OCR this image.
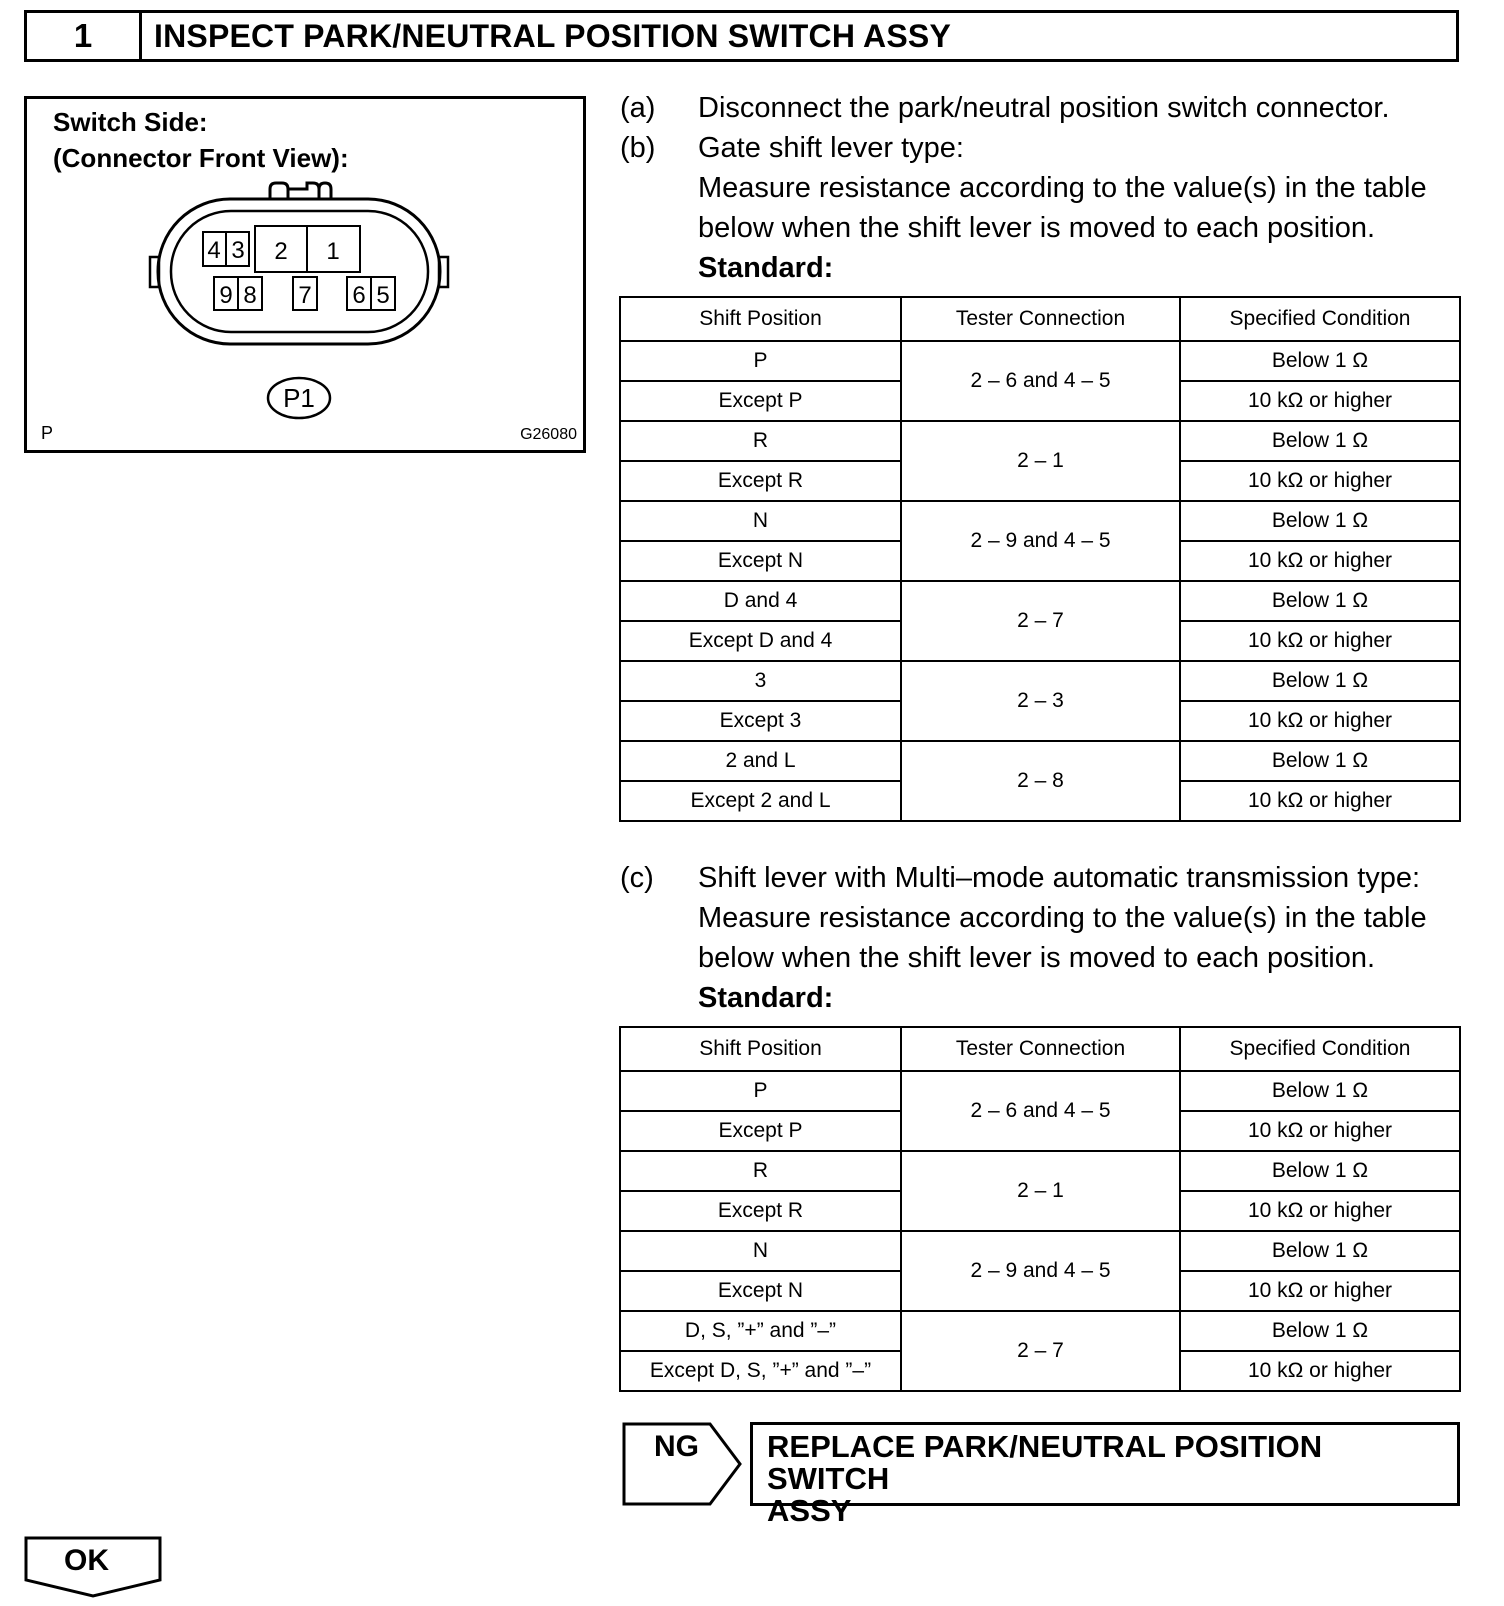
1	INSPECT PARK/NEUTRAL POSITION SWITCH ASSY
Switch Side:
(Connector Front View):
4 3 2 1
9 8 7 6 5
P1
P	G26080
(a)	Disconnect the park/neutral position switch connector.
(b)	Gate shift lever type:
Measure resistance according to the value(s) in the table
below when the shift lever is moved to each position.
Standard:
Shift Position	Tester Connection	Specified Condition
P	2 – 6 and 4 – 5	Below 1 Ω
Except P		10 kΩ or higher
R	2 – 1	Below 1 Ω
Except R		10 kΩ or higher
N	2 – 9 and 4 – 5	Below 1 Ω
Except N		10 kΩ or higher
D and 4	2 – 7	Below 1 Ω
Except D and 4		10 kΩ or higher
3	2 – 3	Below 1 Ω
Except 3		10 kΩ or higher
2 and L	2 – 8	Below 1 Ω
Except 2 and L		10 kΩ or higher
(c)	Shift lever with Multi–mode automatic transmission type:
Measure resistance according to the value(s) in the table
below when the shift lever is moved to each position.
Standard:
Shift Position	Tester Connection	Specified Condition
P	2 – 6 and 4 – 5	Below 1 Ω
Except P		10 kΩ or higher
R	2 – 1	Below 1 Ω
Except R		10 kΩ or higher
N	2 – 9 and 4 – 5	Below 1 Ω
Except N		10 kΩ or higher
D, S, ”+” and ”–”	2 – 7	Below 1 Ω
Except D, S, ”+” and ”–”		10 kΩ or higher
NG REPLACE PARK/NEUTRAL POSITION SWITCH
ASSY
OK
